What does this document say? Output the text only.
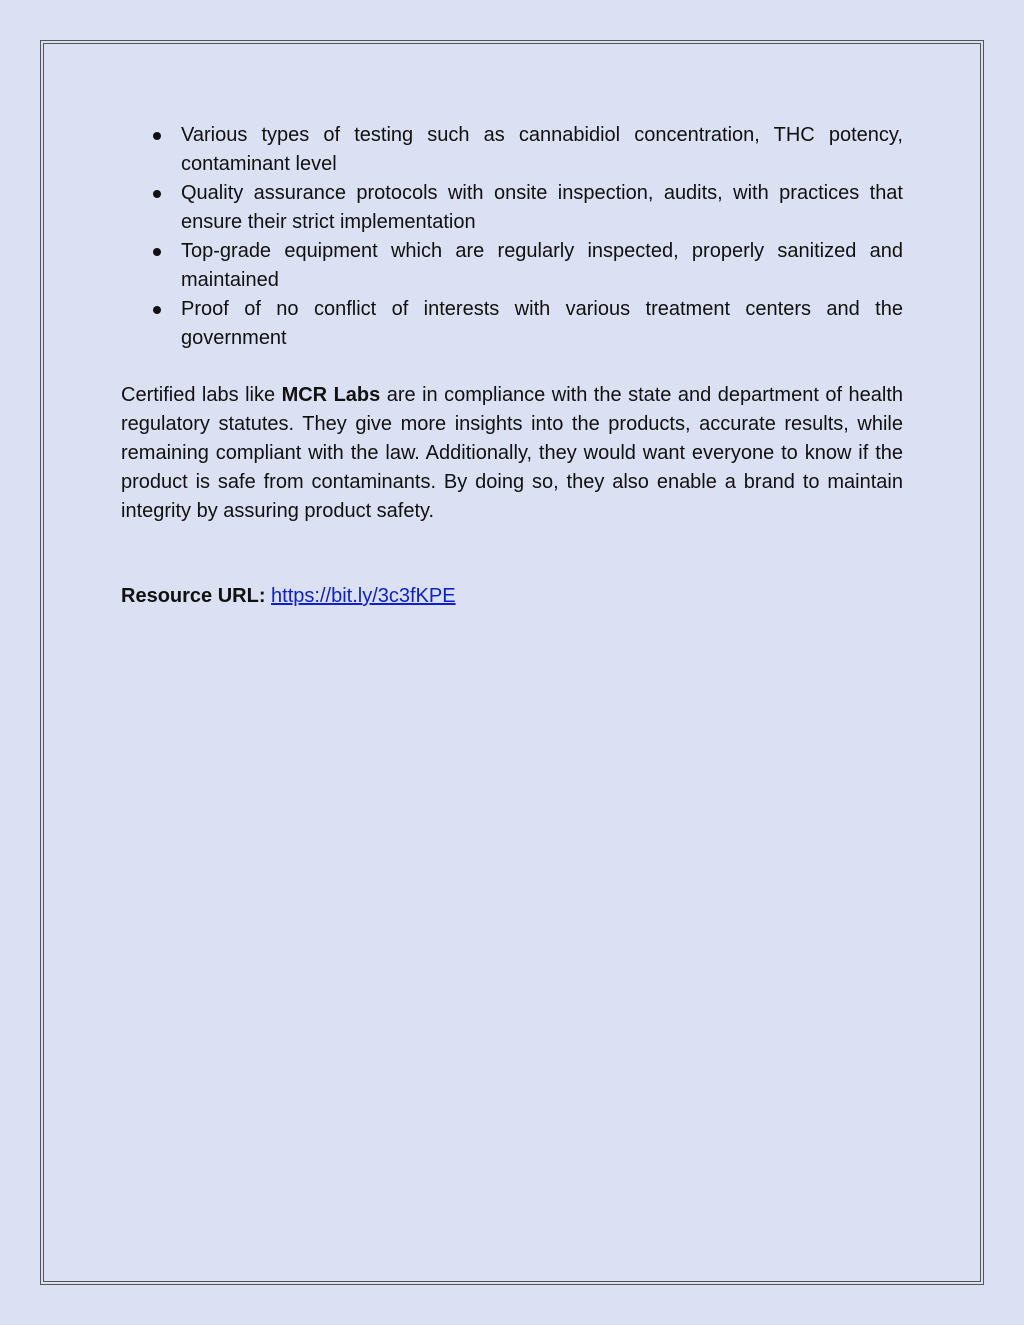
Various types of testing such as cannabidiol concentration, THC potency, contaminant level
Quality assurance protocols with onsite inspection, audits, with practices that ensure their strict implementation
Top-grade equipment which are regularly inspected, properly sanitized and maintained
Proof of no conflict of interests with various treatment centers and the government

Certified labs like MCR Labs are in compliance with the state and department of health regulatory statutes. They give more insights into the products, accurate results, while remaining compliant with the law. Additionally, they would want everyone to know if the product is safe from contaminants. By doing so, they also enable a brand to maintain integrity by assuring product safety.

Resource URL: https://bit.ly/3c3fKPE
